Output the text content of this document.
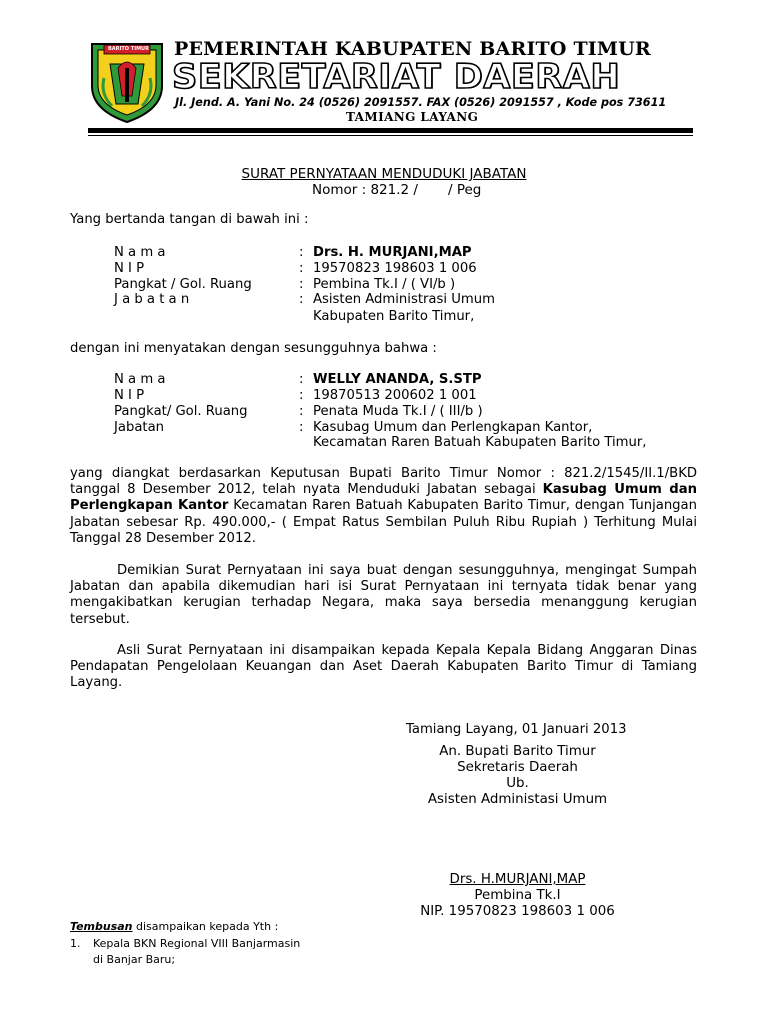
BARITO TIMUR PEMERINTAH KABUPATEN BARITO TIMUR
SEKRETARIAT DAERAH
Jl. Jend. A. Yani No. 24 (0526) 2091557. FAX (0526) 2091557 , Kode pos 73611
TAMIANG LAYANG
SURAT PERNYATAAN MENDUDUKI JABATAN
Nomor : 821.2 /       / Peg
Yang bertanda tangan di bawah ini :
N a m a	: Drs. H. MURJANI,MAP
N I P	: 19570823 198603 1 006
Pangkat / Gol. Ruang	: Pembina Tk.I / ( VI/b )
J a b a t a n	: Asisten Administrasi Umum
Kabupaten Barito Timur,
dengan ini menyatakan dengan sesungguhnya bahwa :
N a m a	: WELLY ANANDA, S.STP
N I P	: 19870513 200602 1 001
Pangkat/ Gol. Ruang	: Penata Muda Tk.I / ( III/b )
Jabatan	: Kasubag Umum dan Perlengkapan Kantor,
Kecamatan Raren Batuah Kabupaten Barito Timur,
yang diangkat berdasarkan Keputusan Bupati Barito Timur Nomor : 821.2/1545/II.1/BKD tanggal 8 Desember 2012, telah nyata Menduduki Jabatan sebagai Kasubag Umum dan Perlengkapan Kantor Kecamatan Raren Batuah Kabupaten Barito Timur, dengan Tunjangan Jabatan sebesar Rp. 490.000,- ( Empat Ratus Sembilan Puluh Ribu Rupiah ) Terhitung Mulai Tanggal 28 Desember 2012.
Demikian Surat Pernyataan ini saya buat dengan sesungguhnya, mengingat Sumpah Jabatan dan apabila dikemudian hari isi Surat Pernyataan ini ternyata tidak benar yang mengakibatkan kerugian terhadap Negara, maka saya bersedia menanggung kerugian tersebut.
Asli Surat Pernyataan ini disampaikan kepada Kepala Kepala Bidang Anggaran Dinas Pendapatan Pengelolaan Keuangan dan Aset Daerah Kabupaten Barito Timur di Tamiang Layang.
Tamiang Layang, 01 Januari 2013
An. Bupati Barito Timur
Sekretaris Daerah
Ub.
Asisten Administasi Umum
Drs. H.MURJANI,MAP
Pembina Tk.I
NIP. 19570823 198603 1 006
Tembusan disampaikan kepada Yth :
1. Kepala BKN Regional VIII Banjarmasin
di Banjar Baru;
